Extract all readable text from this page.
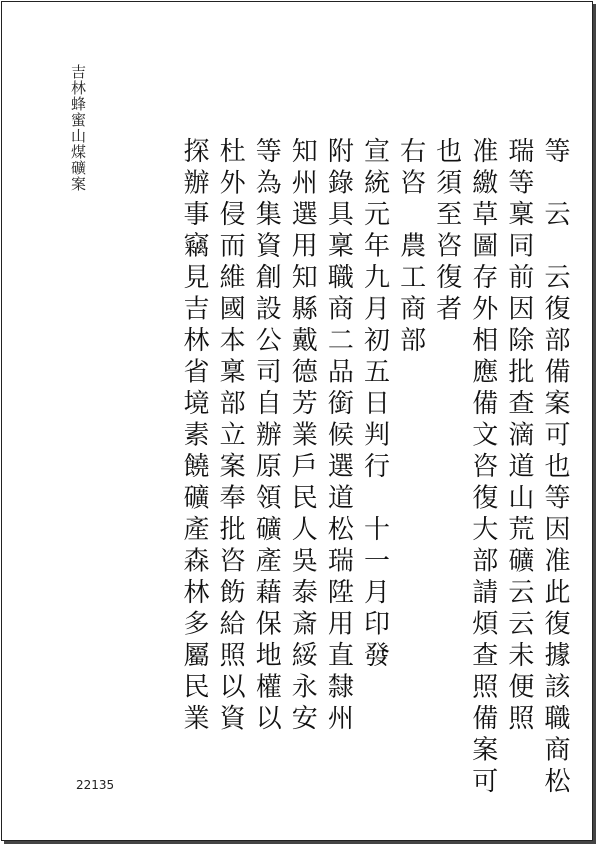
吉林蜂蜜山煤礦案
等　云　云復部備案可也等因准此復據該職商松
瑞等稟同前因除批查滴道山荒礦云云未便照
准繳草圖存外相應備文咨復大部請煩查照備案可
也須至咨復者
右咨　農工商部
宣統元年九月初五日判行　十一月印發
附錄具稟職商二品銜候選道松瑞陞用直隸州
知州選用知縣戴德芳業戶民人吳泰斎綏永安
等為集資創設公司自辦原領礦產藉保地權以
杜外侵而維國本稟部立案奉批咨飭給照以資
探辦事竊見吉林省境素饒礦產森林多屬民業
22135
